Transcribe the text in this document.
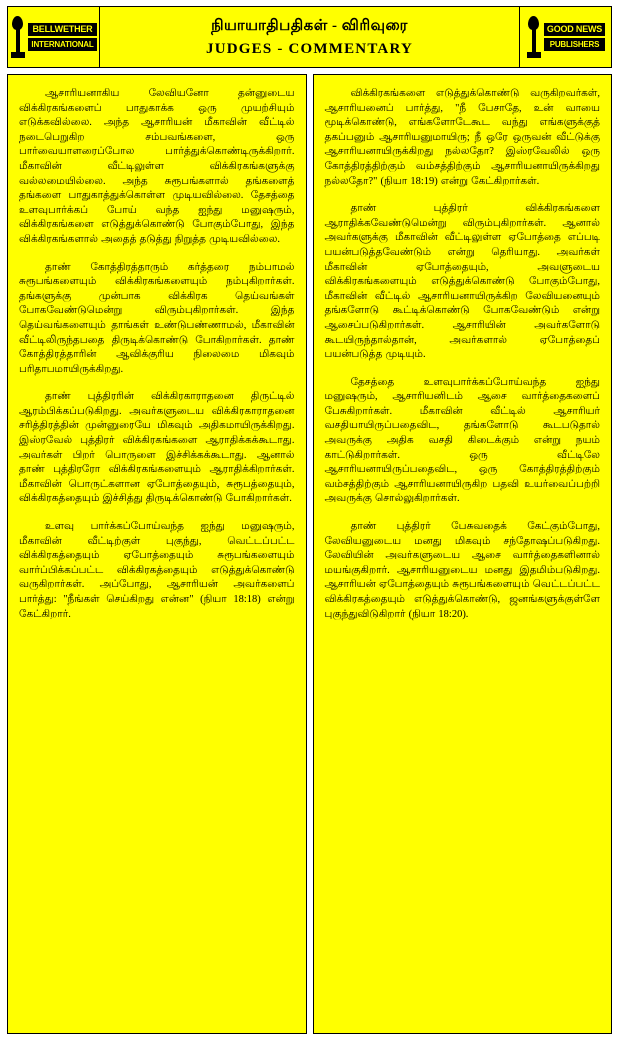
BELLWETHER
INTERNATIONAL
நியாயாதிபதிகள் - விரிவுரை
JUDGES - COMMENTARY
GOOD NEWS
PUBLISHERS

ஆசாரியனாகிய லேவியனோ தன்னுடைய விக்கிரகங்களைப் பாதுகாக்க ஒரு முயற்சியும் எடுக்கவில்லை. அந்த ஆசாரியன் மீகாவின் வீட்டில் நடைபெறுகிற சம்பவங்களை, ஒரு பார்வையாளரைப்போல பார்த்துக்கொண்டிருக்கிறார். மீகாவின் வீட்டிலுள்ள விக்கிரகங்களுக்கு வல்லமையில்லை. அந்த சுரூபங்களால் தங்களைத் தங்களை பாதுகாத்துக்கொள்ள முடியவில்லை. தேசத்தை உளவுபார்க்கப் போய் வந்த ஐந்து மனுஷரும், விக்கிரகங்களை எடுத்துக்கொண்டு போகும்போது, இந்த விக்கிரகங்களால் அதைத் தடுத்து நிறுத்த முடியவில்லை.

தாண் கோத்திரத்தாரும் கர்த்தரை நம்பாமல் சுரூபங்களையும் விக்கிரகங்களையும் நம்புகிறார்கள். தங்களுக்கு முன்பாக விக்கிரக தெய்வங்கள் போகவேண்டுமென்று விரும்புகிறார்கள். இந்த தெய்வங்களையும் தாங்கள் உண்டுபண்ணாமல், மீகாவின் வீட்டிலிருந்தபதை திருடிக்கொண்டு போகிறார்கள். தாண் கோத்திரத்தாரின் ஆவிக்குரிய நிலைமை மிகவும் பரிதாபமாயிருக்கிறது.

தாண் புத்திரரின் விக்கிரகாராதனை திருட்டில் ஆரம்பிக்கப்படுகிறது. அவர்களுடைய விக்கிரகாராதனை சரித்திரத்தின் முன்னுரையே மிகவும் அதிகமாயிருக்கிறது. இஸ்ரவேல் புத்திரர் விக்கிரகங்களை ஆராதிக்கக்கூடாது. அவர்கள் பிறர் பொருளை இச்சிக்கக்கூடாது. ஆனால் தாண் புத்திரரோ விக்கிரகங்களையும் ஆராதிக்கிறார்கள். மீகாவின் பொருட்களான ஏபோத்தையும், சுரூபத்தையும், விக்கிரகத்தையும் இச்சித்து திருடிக்கொண்டு போகிறார்கள்.

உளவு பார்க்கப்போய்வந்த ஐந்து மனுஷரும், மீகாவின் வீட்டிற்குள் புகுந்து, வெட்டப்பட்ட விக்கிரகத்தையும் ஏபோத்தையும் சுரூபங்களையும் வார்ப்பிக்கப்பட்ட விக்கிரகத்தையும் எடுத்துக்கொண்டு வருகிறார்கள். அப்போது, ஆசாரியன் அவர்களைப் பார்த்து: "நீங்கள் செய்கிறது என்ன" (நியா 18:18) என்று கேட்கிறார்.

விக்கிரகங்களை எடுத்துக்கொண்டு வருகிறவர்கள், ஆசாரியனைப் பார்த்து, "நீ பேசாதே, உன் வாயை மூடிக்கொண்டு, எங்களோடேகூட வந்து எங்களுக்குத் தகப்பனும் ஆசாரியனுமாயிரு; நீ ஒரே ஒருவன் வீட்டுக்கு ஆசாரியனாயிருக்கிறது நல்லதோ? இஸ்ரவேலில் ஒரு கோத்திரத்திற்கும் வம்சத்திற்கும் ஆசாரியனாயிருக்கிறது நல்லதோ?" (நியா 18:19) என்று கேட்கிறார்கள்.

தாண் புத்திரர் விக்கிரகங்களை ஆராதிக்கவேண்டுமென்று விரும்புகிறார்கள். ஆனால் அவர்களுக்கு மீகாவின் வீட்டிலுள்ள ஏபோத்தை எப்படி பயன்படுத்தவேண்டும் என்று தெரியாது. அவர்கள் மீகாவின் ஏபோத்தையும், அவளுடைய விக்கிரகங்களையும் எடுத்துக்கொண்டு போகும்போது, மீகாவின் வீட்டில் ஆசாரியனாயிருக்கிற லேவியனையும் தங்களோடு கூட்டிக்கொண்டு போகவேண்டும் என்று ஆசைப்படுகிறார்கள். ஆசாரியின் அவர்களோடு கூடயிருந்தால்தான், அவர்களால் ஏபோத்தைப் பயன்படுத்த முடியும்.

தேசத்தை உளவுபார்க்கப்போய்வந்த ஐந்து மனுஷரும், ஆசாரியனிடம் ஆசை வார்த்தைகளைப் பேசுகிறார்கள். மீகாவின் வீட்டில் ஆசாரியர் வசதியாயிருப்பதைவிட, தங்களோடு கூடபடுதால் அவருக்கு அதிக வசதி கிடைக்கும் என்று நயம் காட்டுகிறார்கள். ஒரு வீட்டிலே ஆசாரியனாயிருப்பதைவிட, ஒரு கோத்திரத்திற்கும் வம்சத்திற்கும் ஆசாரியனாயிருகிற பதவி உயர்வைப்பற்றி அவருக்கு சொல்லுகிறார்கள்.

தாண் புத்திரர் பேசுவதைக் கேட்கும்போது, லேவியனுடைய மனது மிகவும் சந்தோஷப்படுகிறது. லேவியின் அவர்களுடைய ஆசை வார்த்தைகளினால் மயங்குகிறார். ஆசாரியனுடைய மனது இதமிம்படுகிறது. ஆசாரியன் ஏபோத்தையும் சுரூபங்களையும் வெட்டப்பட்ட விக்கிரகத்தையும் எடுத்துக்கொண்டு, ஜனங்களுக்குள்ளே புகுந்துவிடுகிறார் (நியா 18:20).
